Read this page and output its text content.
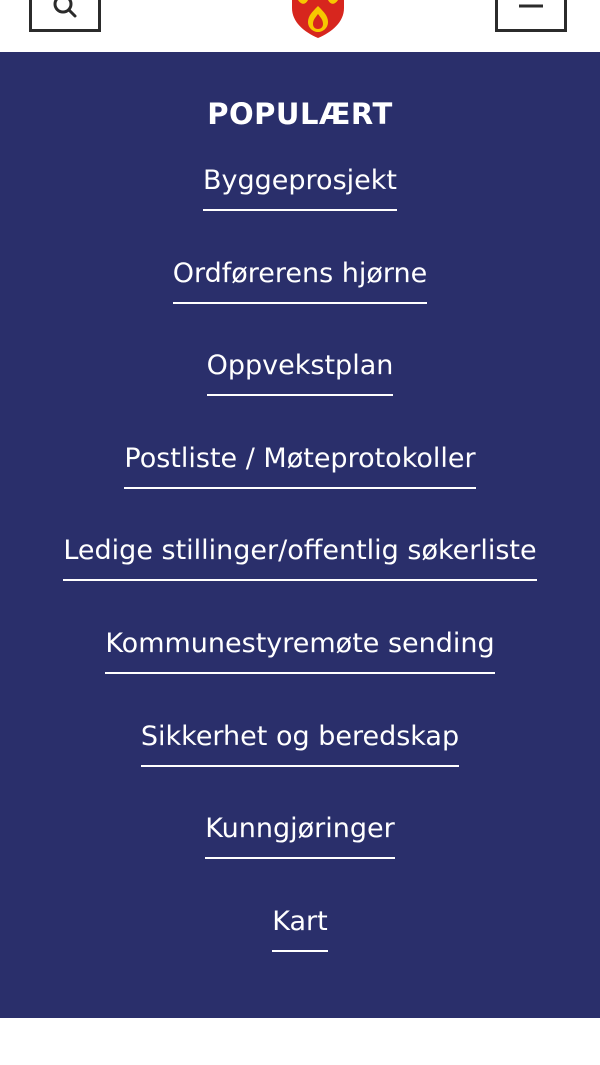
POPULÆRT
Byggeprosjekt
Ordførerens hjørne
Oppvekstplan
Postliste / Møteprotokoller
Ledige stillinger/offentlig søkerliste
Kommunestyremøte sending
Sikkerhet og beredskap
Kunngjøringer
Kart
